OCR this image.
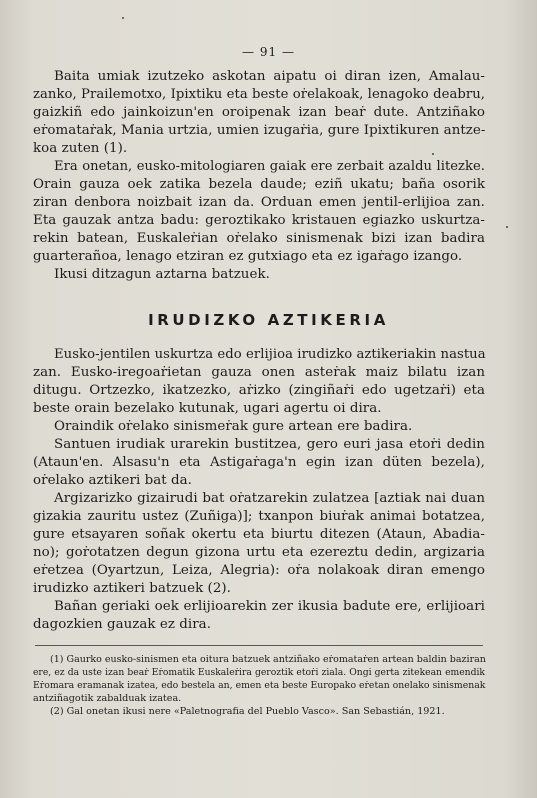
— 91 —
Baita umiak izutzeko askotan aipatu oi diran izen, Amalau-
zanko, Prailemotxo, Ipixtiku eta beste oṙelakoak, lenagoko deabru,
gaizkiñ edo jainkoizun'en oroipenak izan beaṙ dute. Antziñako
eṙomataṙak, Mania urtzia, umien izugaṙia, gure Ipixtikuren antze-
koa zuten (1).
Era onetan, eusko-mitologiaren gaiak ere zerbait azaldu litezke.
Orain gauza oek zatika bezela daude; eziñ ukatu; baña osorik
ziran denbora noizbait izan da. Orduan emen jentil-erlijioa zan.
Eta gauzak antza badu: geroztikako kristauen egiazko uskurtza-
rekin batean, Euskaleṙian oṙelako sinismenak bizi izan badira
guarterañoa, lenago etziran ez gutxiago eta ez igaṙago izango.
Ikusi ditzagun aztarna batzuek.
IRUDIZKO AZTIKERIA
Eusko-jentilen uskurtza edo erlijioa irudizko aztikeriakin nastua
zan. Eusko-iregoaṙietan gauza onen asteṙak maiz bilatu izan
ditugu. Ortzezko, ikatzezko, aṙizko (zingiñaṙi edo ugetzaṙi) eta
beste orain bezelako kutunak, ugari agertu oi dira.
Oraindik oṙelako sinismeṙak gure artean ere badira.
Santuen irudiak urarekin bustitzea, gero euri jasa etoṙi dedin
(Ataun'en. Alsasu'n eta Astigaṙaga'n egin izan düten bezela),
oṙelako aztikeri bat da.
Argizarizko gizairudi bat oṙatzarekin zulatzea [aztiak nai duan
gizakia zauritu ustez (Zuñiga)]; txanpon biuṙak animai botatzea,
gure etsayaren soñak okertu eta biurtu ditezen (Ataun, Abadia-
no); goṙotatzen degun gizona urtu eta ezereztu dedin, argizaria
eṙetzea (Oyartzun, Leiza, Alegria): oṙa nolakoak diran emengo
irudizko aztikeri batzuek (2).
Bañan geriaki oek erlijioarekin zer ikusia badute ere, erlijioari
dagozkien gauzak ez dira.
(1) Gaurko eusko-sinismen eta oitura batzuek antziñako eṙomataṙen artean baldin baziran
ere, ez da uste izan beaṙ Eṙomatik Euskaleṙira geroztik etoṙi ziala. Ongi gerta zitekean emendik
Eṙomara eramanak izatea, edo bestela an, emen eta beste Europako eṙetan onelako sinismenak
antziñagotik zabalduak izatea.
(2) Gal onetan ikusi nere «Paletnografia del Pueblo Vasco». San Sebastián, 1921.
